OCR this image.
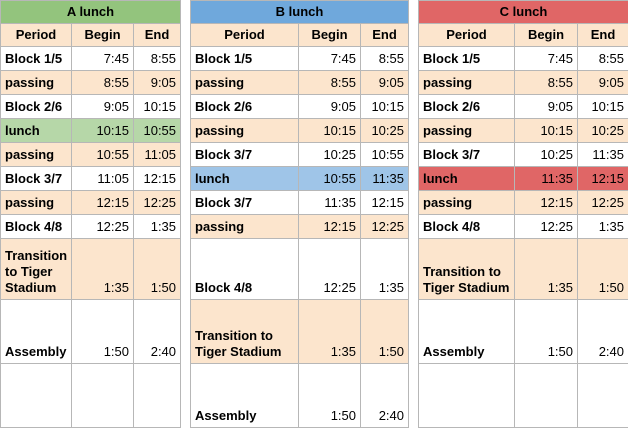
A lunch		
Period	Begin	End
Block 1/5	7:45	8:55
passing	8:55	9:05
Block 2/6	9:05	10:15
lunch	10:15	10:55
passing	10:55	11:05
Block 3/7	11:05	12:15
passing	12:15	12:25
Block 4/8	12:25	1:35
Transition to Tiger Stadium	1:35	1:50
Assembly	1:50	2:40

B lunch		
Period	Begin	End
Block 1/5	7:45	8:55
passing	8:55	9:05
Block 2/6	9:05	10:15
passing	10:15	10:25
Block 3/7	10:25	10:55
lunch	10:55	11:35
Block 3/7	11:35	12:15
passing	12:15	12:25
Block 4/8	12:25	1:35
Transition to Tiger Stadium	1:35	1:50
Assembly	1:50	2:40
C lunch		
Period	Begin	End
Block 1/5	7:45	8:55
passing	8:55	9:05
Block 2/6	9:05	10:15
passing	10:15	10:25
Block 3/7	10:25	11:35
lunch	11:35	12:15
passing	12:15	12:25
Block 4/8	12:25	1:35
Transition to Tiger Stadium	1:35	1:50
Assembly	1:50	2:40
